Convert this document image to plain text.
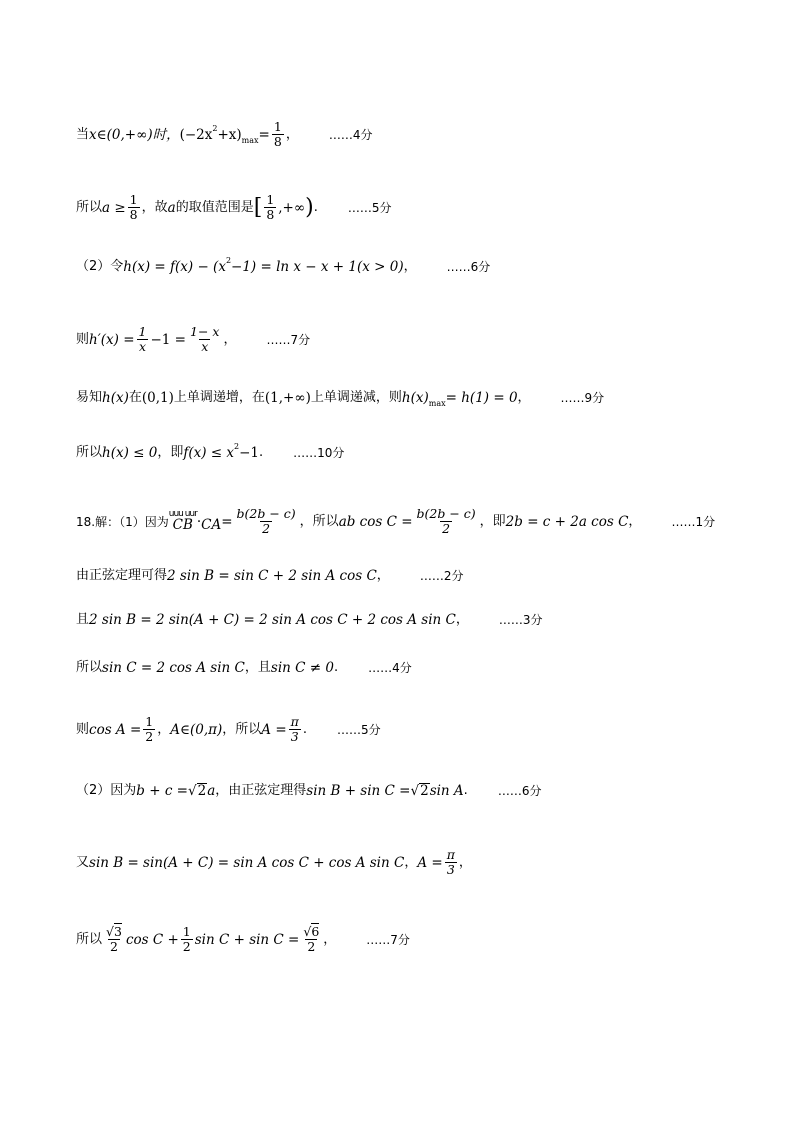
当 x∈(0,+∞)时， (−2x 2 +x) $\max = \frac{1}{8}$ ，	……4分
所以 $a \ge \frac{1}{8}$ ，故 a 的取值范围是 [ $\frac{1}{8}$ ,+∞ ) .	……5分
（2）令 h(x) = f(x) − (x 2 −1) = ln x − x + 1(x > 0) ，	……6分
则 $h'(x) = \frac{1}{x} -1 = \frac{1- x}{x}$ ，	……7分
易知 h(x) 在 (0,1) 上单调递增，在 (1,+∞) 上单调递减，则 h(x) max = h(1) = 0 ，	……9分
所以 h(x) ≤ 0 ，即 f(x) ≤ x 2 −1 .	……10分
18.解：（1）因为
uuu uur
CB · CA = $\frac{b(2b - c)}{2}$ ，所以 ab $\cos C = \frac{b(2b - c)}{2}$ ，即 2b = c + 2a cos C ，	……1分
由正弦定理可得 2 sin B = sin C + 2 sin A cos C ，	……2分
且 2 sin B = 2 sin(A + C) = 2 sin A cos C + 2 cos A sin C ，	……3分
所以 sin C = 2 cos A sin C ，且 sin C ≠ 0 .	……4分
则 $\cos A = \frac{1}{2}$ ， A∈(0,π) ，所以 $A = \frac{\pi}{3}$ .	……5分
（2）因为 b + c = √ 2 a ，由正弦定理得 sin B + sin C = √ 2 sin A .	……6分
又 sin B = sin(A + C) = sin A cos C + cos A sin C ， $A = \frac{\pi}{3}$ ，
所以 $\frac{√3}{2}$ $\cos C + \frac{1}{2}$ $\sin C + \sin C = \frac{√6}{2}$ ，	……7分
